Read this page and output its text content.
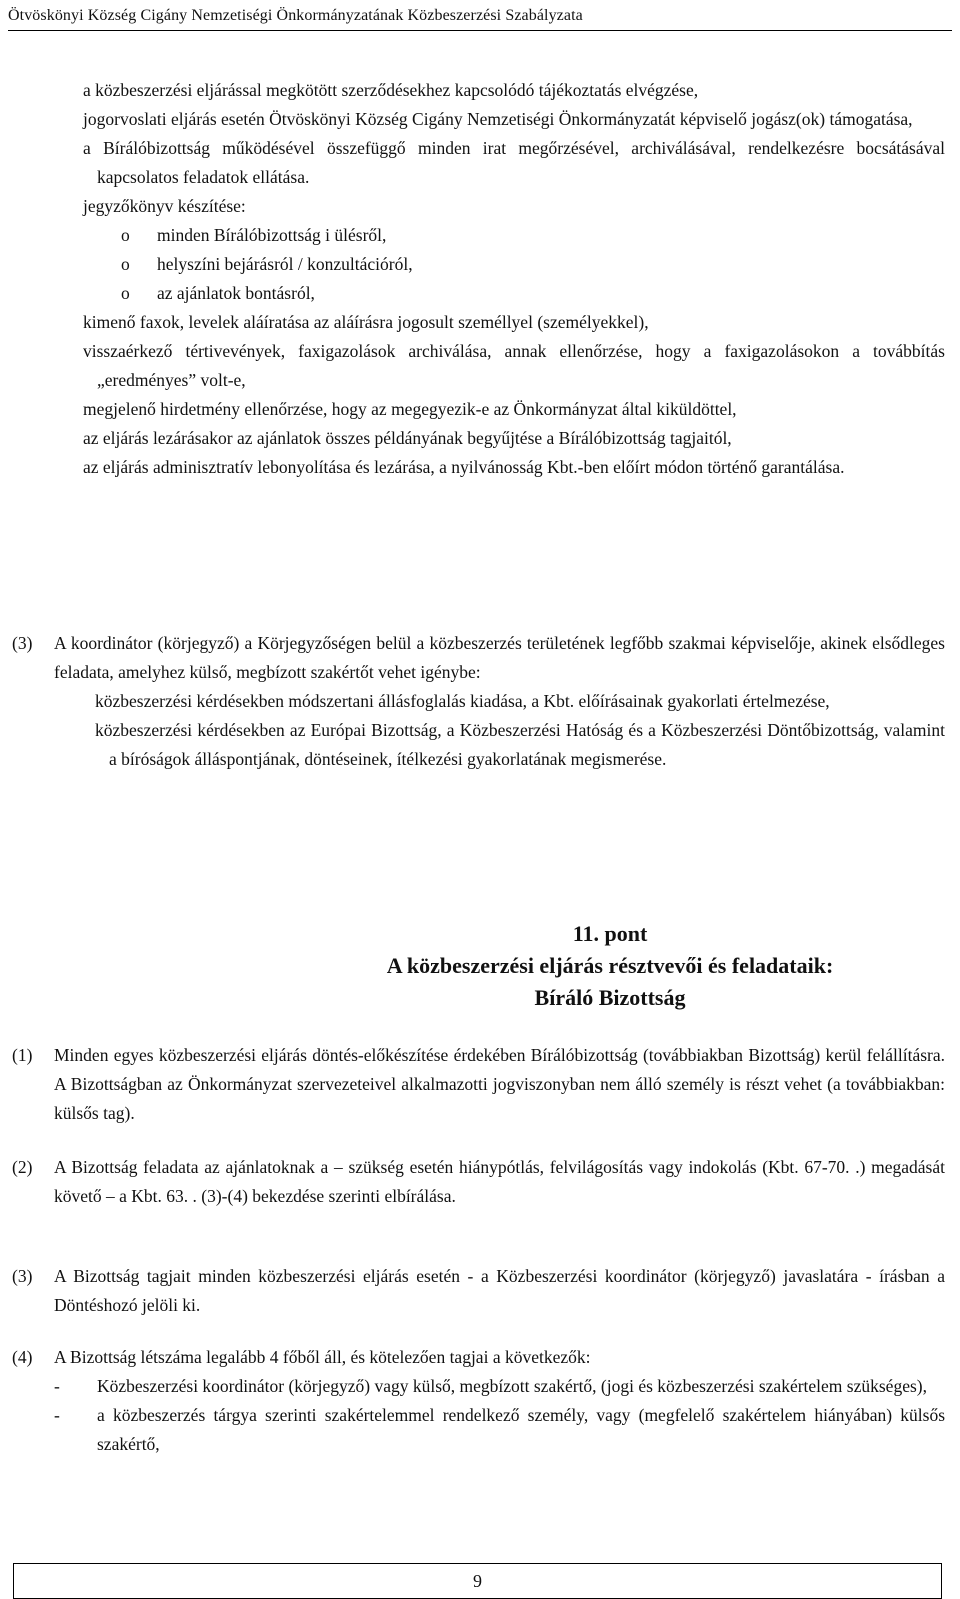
Ötvöskönyi Község Cigány Nemzetiségi Önkormányzatának Közbeszerzési Szabályzata
a közbeszerzési eljárással megkötött szerződésekhez kapcsolódó tájékoztatás elvégzése,
jogorvoslati eljárás esetén Ötvöskönyi Község Cigány Nemzetiségi Önkormányzatát képviselő jogász(ok) támogatása,
a Bírálóbizottság működésével összefüggő minden irat megőrzésével, archiválásával, rendelkezésre bocsátásával kapcsolatos feladatok ellátása.
jegyzőkönyv készítése:
o minden Bírálóbizottság i ülésről,
o helyszíni bejárásról / konzultációról,
o az ajánlatok bontásról,
kimenő faxok, levelek aláíratása az aláírásra jogosult személlyel (személyekkel),
visszaérkező tértivevények, faxigazolások archiválása, annak ellenőrzése, hogy a faxigazolásokon a továbbítás „eredményes” volt-e,
megjelenő hirdetmény ellenőrzése, hogy az megegyezik-e az Önkormányzat által kiküldöttel,
az eljárás lezárásakor az ajánlatok összes példányának begyűjtése a Bírálóbizottság tagjaitól,
az eljárás adminisztratív lebonyolítása és lezárása, a nyilvánosság Kbt.-ben előírt módon történő garantálása.
(3)	A koordinátor (körjegyző) a Körjegyzőségen belül a közbeszerzés területének legfőbb szakmai képviselője, akinek elsődleges feladata, amelyhez külső, megbízott szakértőt vehet igénybe:
közbeszerzési kérdésekben módszertani állásfoglalás kiadása, a Kbt. előírásainak gyakorlati értelmezése,
közbeszerzési kérdésekben az Európai Bizottság, a Közbeszerzési Hatóság és a Közbeszerzési Döntőbizottság, valamint a bíróságok álláspontjának, döntéseinek, ítélkezési gyakorlatának megismerése.
11. pont
A közbeszerzési eljárás résztvevői és feladataik:
Bíráló Bizottság
(1)	Minden egyes közbeszerzési eljárás döntés-előkészítése érdekében Bírálóbizottság (továbbiakban Bizottság) kerül felállításra. A Bizottságban az Önkormányzat szervezeteivel alkalmazotti jogviszonyban nem álló személy is részt vehet (a továbbiakban: külsős tag).
(2)	A Bizottság feladata az ajánlatoknak a – szükség esetén hiánypótlás, felvilágosítás vagy indokolás (Kbt. 67-70. .) megadását követő – a Kbt. 63. . (3)-(4) bekezdése szerinti elbírálása.
(3)	A Bizottság tagjait minden közbeszerzési eljárás esetén - a Közbeszerzési koordinátor (körjegyző) javaslatára - írásban a Döntéshozó jelöli ki.
(4)	A Bizottság létszáma legalább 4 főből áll, és kötelezően tagjai a következők:
- Közbeszerzési koordinátor (körjegyző) vagy külső, megbízott szakértő, (jogi és közbeszerzési szakértelem szükséges),
- a közbeszerzés tárgya szerinti szakértelemmel rendelkező személy, vagy (megfelelő szakértelem hiányában) külsős szakértő,
9
